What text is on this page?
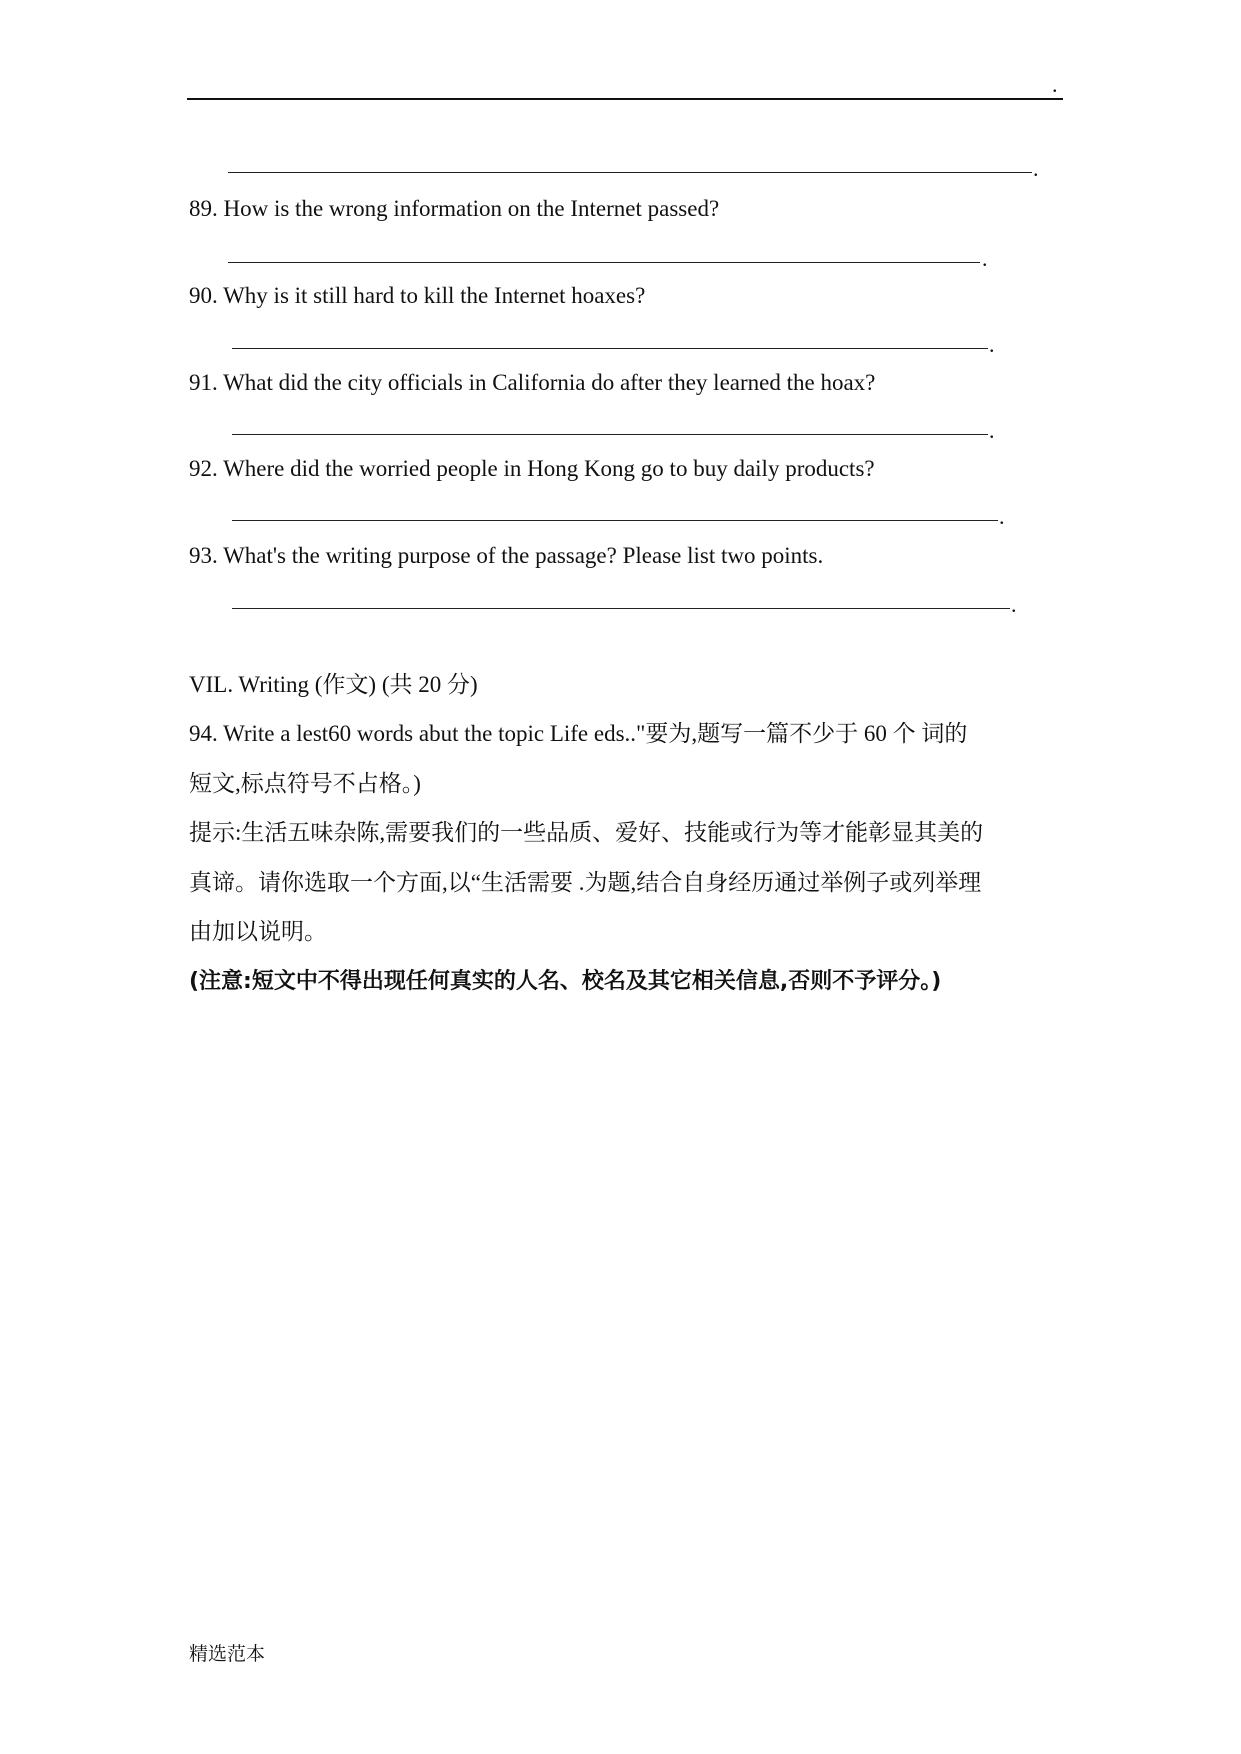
.
.
89. How is the wrong information on the Internet passed?
.
90. Why is it still hard to kill the Internet hoaxes?
.
91. What did the city officials in California do after they learned the hoax?
.
92. Where did the worried people in Hong Kong go to buy daily products?
.
93. What's the writing purpose of the passage? Please list two points.
.
VIL. Writing (作文) (共 20 分)
94. Write a lest60 words abut the topic Life eds.."要为,题写一篇不少于 60 个 词的
短文,标点符号不占格。)
提示:生活五味杂陈,需要我们的一些品质、爱好、技能或行为等才能彰显其美的
真谛。请你选取一个方面,以“生活需要 .为题,结合自身经历通过举例子或列举理
由加以说明。
(注意:短文中不得出现任何真实的人名、校名及其它相关信息,否则不予评分。)
精选范本
